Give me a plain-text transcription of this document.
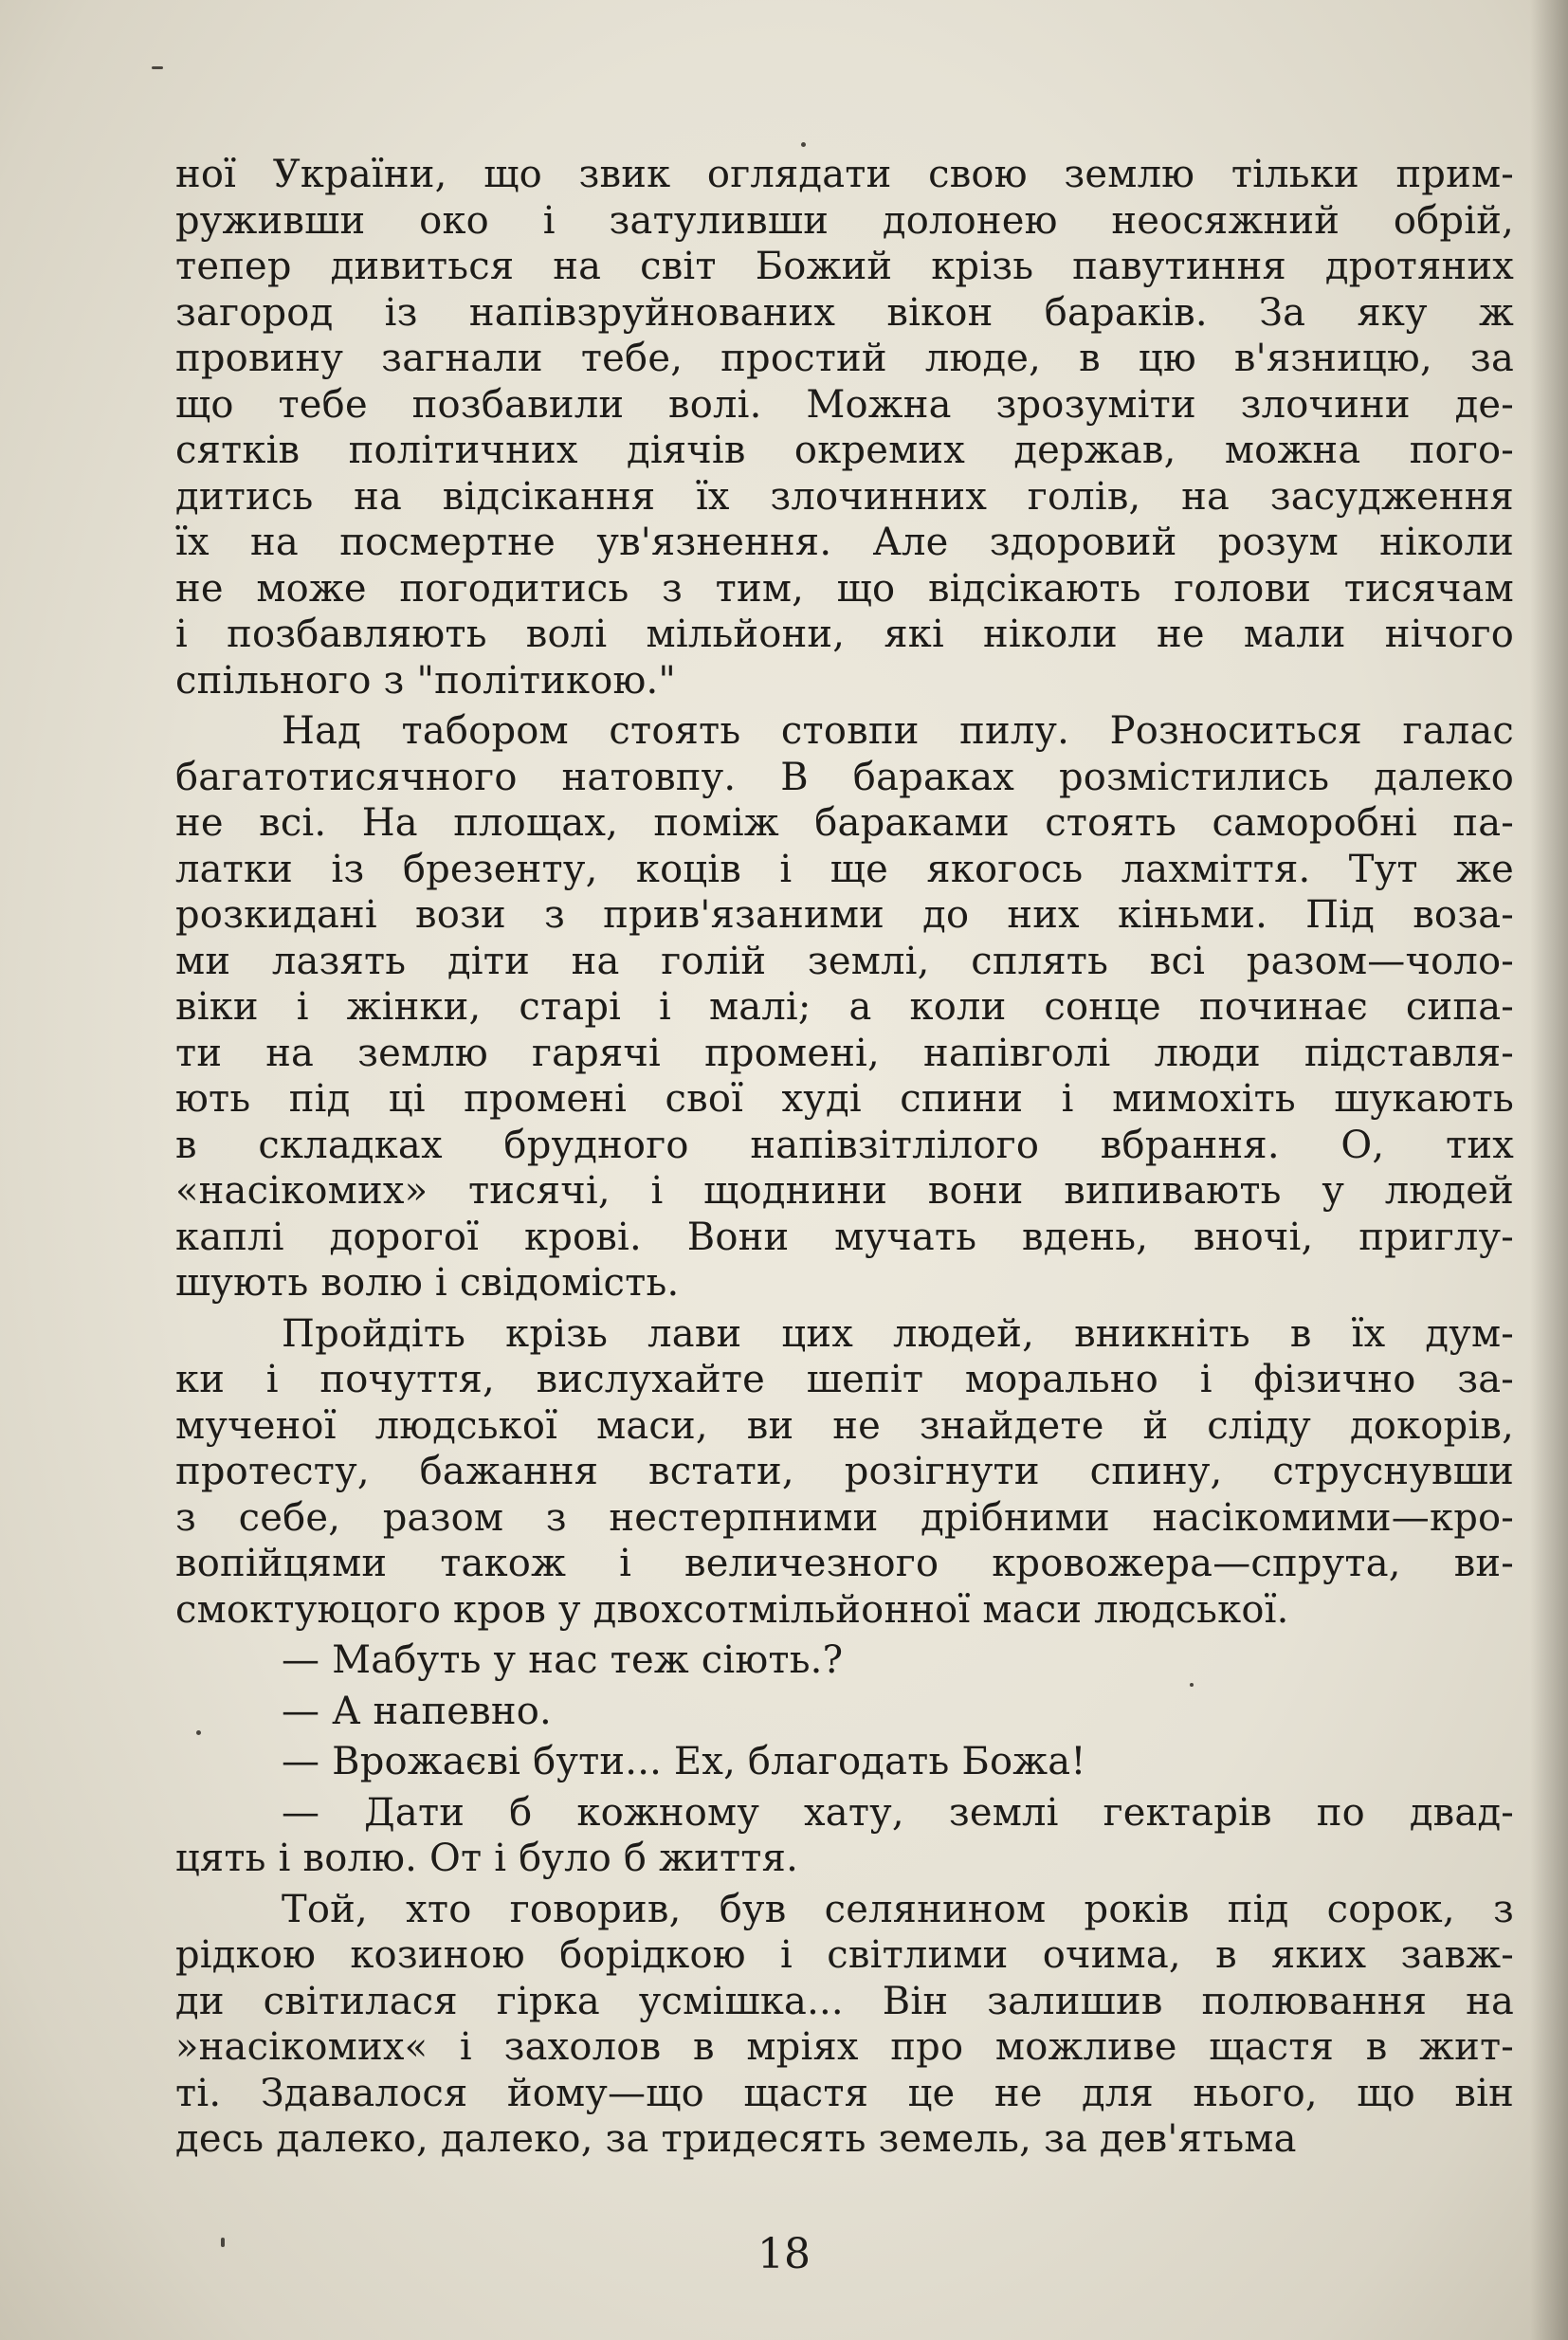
ної України, що звик оглядати свою землю тільки прим-
руживши око і затуливши долонею неосяжний обрій,
тепер дивиться на світ Божий крізь павутиння дротяних
загород із напівзруйнованих вікон бараків. За яку ж
провину загнали тебе, простий люде, в цю в'язницю, за
що тебе позбавили волі. Можна зрозуміти злочини де-
сятків політичних діячів окремих держав, можна пого-
дитись на відсікання їх злочинних голів, на засудження
їх на посмертне ув'язнення. Але здоровий розум ніколи
не може погодитись з тим, що відсікають голови тисячам
і позбавляють волі мільйони, які ніколи не мали нічого
спільного з "політикою."

Над табором стоять стовпи пилу. Розноситься галас
багатотисячного натовпу. В бараках розмістились далеко
не всі. На площах, поміж бараками стоять саморобні па-
латки із брезенту, коців і ще якогось лахміття. Тут же
розкидані вози з прив'язаними до них кіньми. Під воза-
ми лазять діти на голій землі, сплять всі разом—чоло-
віки і жінки, старі і малі; а коли сонце починає сипа-
ти на землю гарячі промені, напівголі люди підставля-
ють під ці промені свої худі спини і мимохіть шукають
в складках брудного напівзітлілого вбрання. О, тих
«насікомих» тисячі, і щоднини вони випивають у людей
каплі дорогої крові. Вони мучать вдень, вночі, приглу-
шують волю і свідомість.

Пройдіть крізь лави цих людей, вникніть в їх дум-
ки і почуття, вислухайте шепіт морально і фізично за-
мученої людської маси, ви не знайдете й сліду докорів,
протесту, бажання встати, розігнути спину, струснувши
з себе, разом з нестерпними дрібними насікомими—кро-
вопійцями також і величезного кровожера—спрута, ви-
смоктуюцого кров у двохсотмільйонної маси людської.

— Мабуть у нас теж сіють.?

— А напевно.

— Врожаєві бути... Ех, благодать Божа!

— Дати б кожному хату, землі гектарів по двад-
цять і волю. От і було б життя.

Той, хто говорив, був селянином років під сорок, з
рідкою козиною борідкою і світлими очима, в яких завж-
ди світилася гірка усмішка... Він залишив полювання на
»насікомих« і захолов в мріях про можливе щастя в жит-
ті. Здавалося йому—що щастя це не для нього, що він
десь далеко, далеко, за тридесять земель, за дев'ятьма

18
